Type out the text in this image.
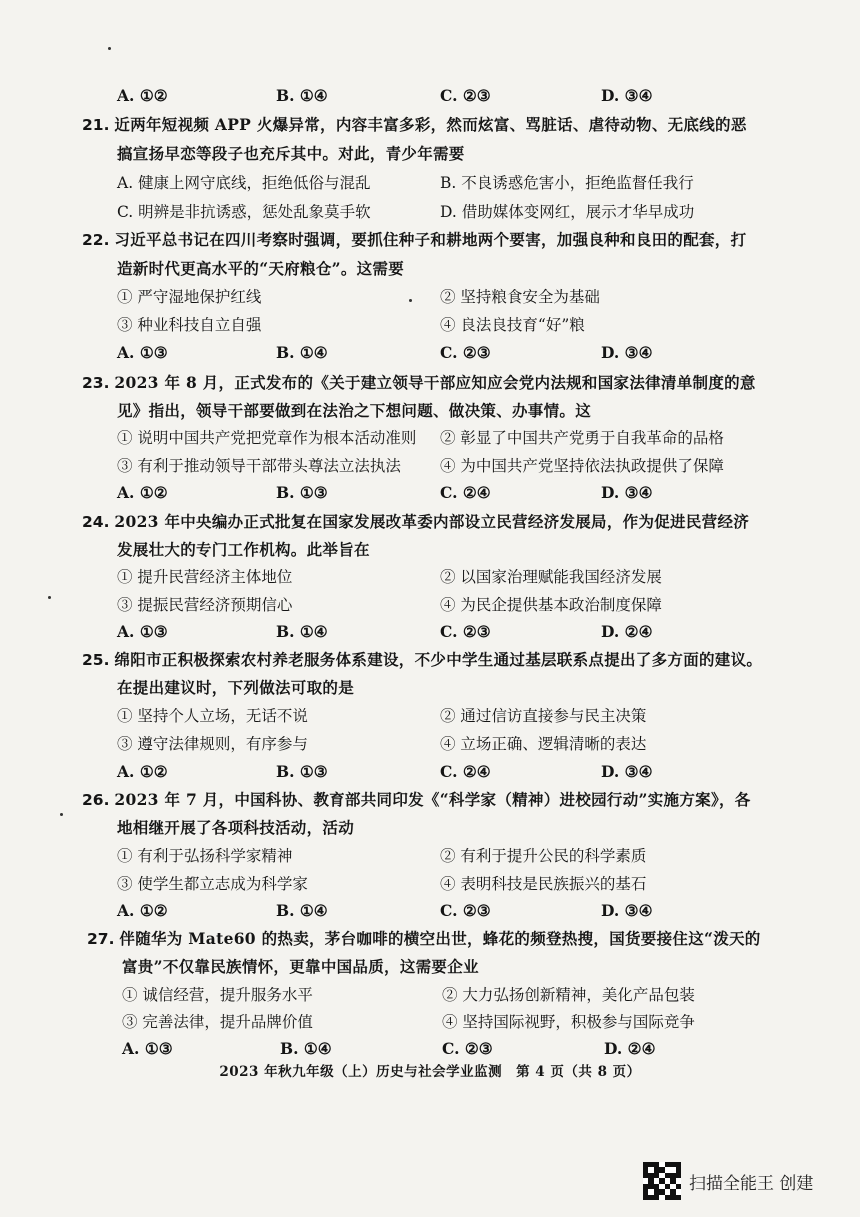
A. ①②	B. ①④	C. ②③	D. ③④
21. 近两年短视频 APP 火爆异常，内容丰富多彩，然而炫富、骂脏话、虐待动物、无底线的恶
搞宣扬早恋等段子也充斥其中。对此，青少年需要
A. 健康上网守底线，拒绝低俗与混乱	B. 不良诱惑危害小，拒绝监督任我行
C. 明辨是非抗诱惑，惩处乱象莫手软	D. 借助媒体变网红，展示才华早成功
22. 习近平总书记在四川考察时强调，要抓住种子和耕地两个要害，加强良种和良田的配套，打
造新时代更高水平的“天府粮仓”。这需要
① 严守湿地保护红线	② 坚持粮食安全为基础
③ 种业科技自立自强	④ 良法良技育“好”粮
A. ①③	B. ①④	C. ②③	D. ③④
23. 2023 年 8 月，正式发布的《关于建立领导干部应知应会党内法规和国家法律清单制度的意
见》指出，领导干部要做到在法治之下想问题、做决策、办事情。这
① 说明中国共产党把党章作为根本活动准则 ② 彰显了中国共产党勇于自我革命的品格
③ 有利于推动领导干部带头尊法立法执法	④ 为中国共产党坚持依法执政提供了保障
A. ①②	B. ①③	C. ②④	D. ③④
24. 2023 年中央编办正式批复在国家发展改革委内部设立民营经济发展局，作为促进民营经济
发展壮大的专门工作机构。此举旨在
① 提升民营经济主体地位	② 以国家治理赋能我国经济发展
③ 提振民营经济预期信心	④ 为民企提供基本政治制度保障
A. ①③	B. ①④	C. ②③	D. ②④
25. 绵阳市正积极探索农村养老服务体系建设，不少中学生通过基层联系点提出了多方面的建议。
在提出建议时，下列做法可取的是
① 坚持个人立场，无话不说	② 通过信访直接参与民主决策
③ 遵守法律规则，有序参与	④ 立场正确、逻辑清晰的表达
A. ①②	B. ①③	C. ②④	D. ③④
26. 2023 年 7 月，中国科协、教育部共同印发《“科学家（精神）进校园行动”实施方案》，各
地相继开展了各项科技活动，活动
① 有利于弘扬科学家精神	② 有利于提升公民的科学素质
③ 使学生都立志成为科学家	④ 表明科技是民族振兴的基石
A. ①②	B. ①④	C. ②③	D. ③④
27. 伴随华为 Mate60 的热卖，茅台咖啡的横空出世，蜂花的频登热搜，国货要接住这“泼天的
富贵”不仅靠民族情怀，更靠中国品质，这需要企业
① 诚信经营，提升服务水平	② 大力弘扬创新精神，美化产品包装
③ 完善法律，提升品牌价值	④ 坚持国际视野，积极参与国际竞争
A. ①③	B. ①④	C. ②③	D. ②④
2023 年秋九年级（上）历史与社会学业监测　第 4 页（共 8 页）
扫描全能王 创建
